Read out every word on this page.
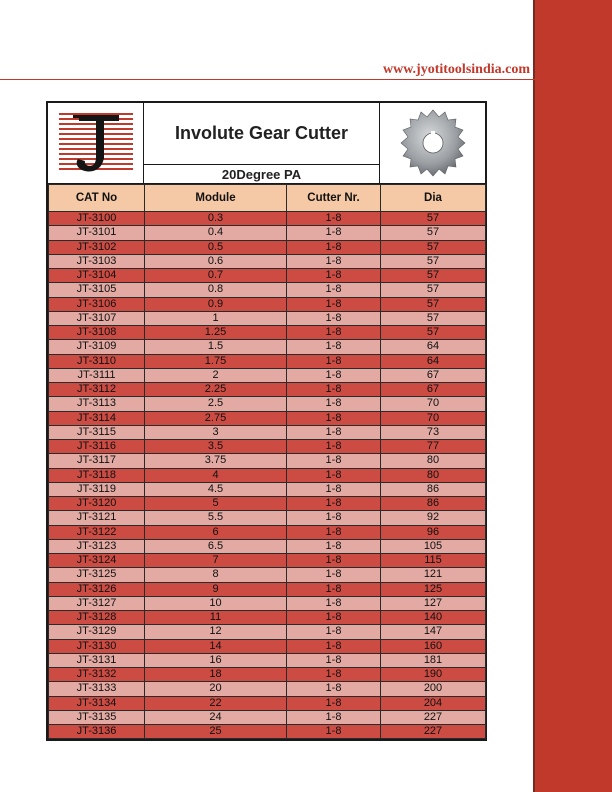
www.jyotitoolsindia.com
Involute Gear Cutter
20Degree PA
CAT No	Module	Cutter Nr.	Dia
JT-3100	0.3	1-8	57
JT-3101	0.4	1-8	57
JT-3102	0.5	1-8	57
JT-3103	0.6	1-8	57
JT-3104	0.7	1-8	57
JT-3105	0.8	1-8	57
JT-3106	0.9	1-8	57
JT-3107	1	1-8	57
JT-3108	1.25	1-8	57
JT-3109	1.5	1-8	64
JT-3110	1.75	1-8	64
JT-3111	2	1-8	67
JT-3112	2.25	1-8	67
JT-3113	2.5	1-8	70
JT-3114	2.75	1-8	70
JT-3115	3	1-8	73
JT-3116	3.5	1-8	77
JT-3117	3.75	1-8	80
JT-3118	4	1-8	80
JT-3119	4.5	1-8	86
JT-3120	5	1-8	86
JT-3121	5.5	1-8	92
JT-3122	6	1-8	96
JT-3123	6.5	1-8	105
JT-3124	7	1-8	115
JT-3125	8	1-8	121
JT-3126	9	1-8	125
JT-3127	10	1-8	127
JT-3128	11	1-8	140
JT-3129	12	1-8	147
JT-3130	14	1-8	160
JT-3131	16	1-8	181
JT-3132	18	1-8	190
JT-3133	20	1-8	200
JT-3134	22	1-8	204
JT-3135	24	1-8	227
JT-3136	25	1-8	227
